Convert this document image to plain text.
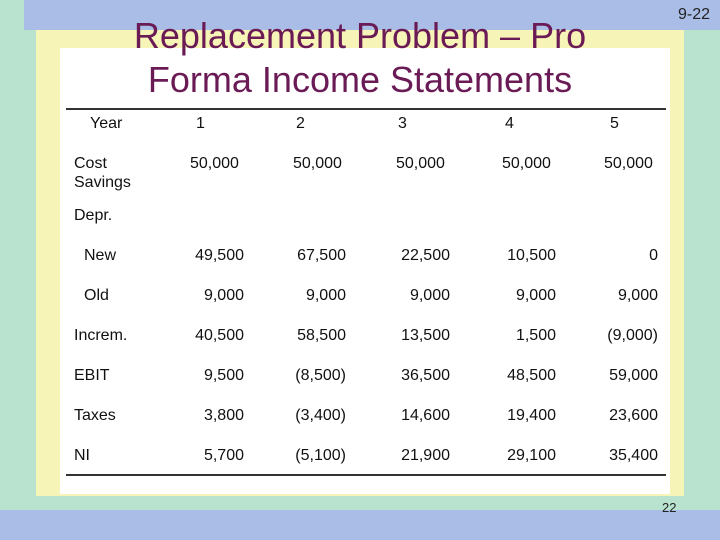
9-22
Replacement Problem – Pro
Forma Income Statements
Year	1	2	3	4	5
Cost
Savings
50,000	50,000	50,000	50,000	50,000
Depr.
New	49,500	67,500	22,500	10,500	0
Old	9,000	9,000	9,000	9,000	9,000
Increm.	40,500	58,500	13,500	1,500	(9,000)
EBIT	9,500	(8,500)	36,500	48,500	59,000
Taxes	3,800	(3,400)	14,600	19,400	23,600
NI	5,700	(5,100)	21,900	29,100	35,400
22
